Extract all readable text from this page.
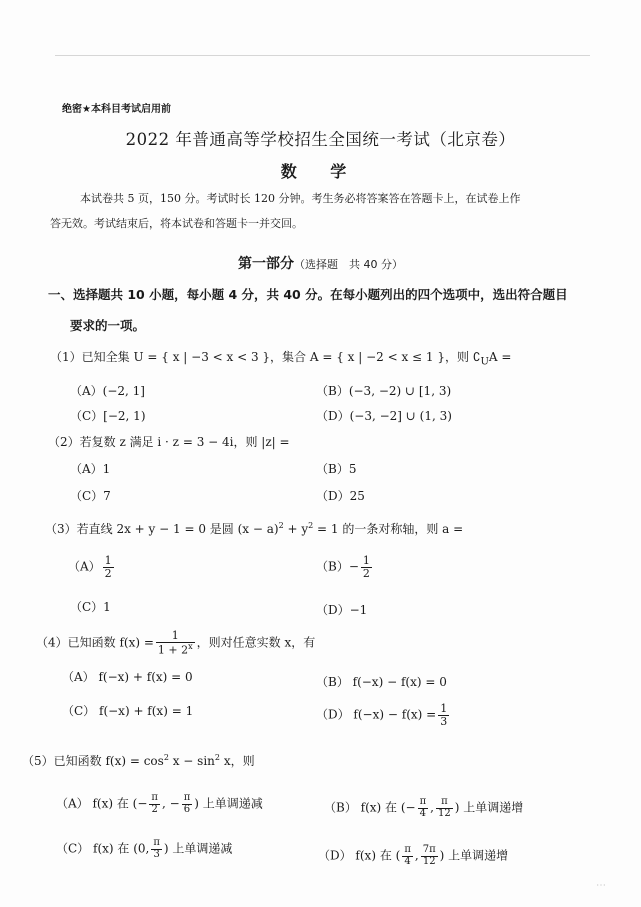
绝密★本科目考试启用前
2022 年普通高等学校招生全国统一考试（北京卷）
数 学
本试卷共 5 页，150 分。考试时长 120 分钟。考生务必将答案答在答题卡上，在试卷上作
答无效。考试结束后，将本试卷和答题卡一并交回。
第一部分（选择题　共 40 分）
一、选择题共 10 小题，每小题 4 分，共 40 分。在每小题列出的四个选项中，选出符合题目
要求的一项。
（1）已知全集 U = { x | −3 < x < 3 }，集合 A = { x | −2 < x ≤ 1 }，则 $∁_UA$ =
（A）(−2, 1]	（B）(−3, −2) ∪ [1, 3)
（C）[−2, 1)	（D）(−3, −2] ∪ (1, 3)
（2）若复数 z 满足 i · z = 3 − 4i，则 |z| =
（A）1	（B）5
（C）7	（D）25
（3）若直线 2x + y − 1 = 0 是圆 $(x - a)^2 + y^2 = 1$ 的一条对称轴，则 a =
$(A) \frac{1}{2}$	$(B)- \frac{1}{2}$
（C）1	（D）−1
（4）已知函数 $f(x) = \frac{1}{1 + 2^x}$ ，则对任意实数 x，有
（A） f(−x) + f(x) = 0	（B） f(−x) − f(x) = 0
（C） f(−x) + f(x) = 1	（D） $f(-x) - f(x) = \frac{1}{3}$
（5）已知函数 $f(x) = \cos^2 x - \sin^2 x$，则
（A） f(x) 在 (− $\frac{\pi}{2}$ , − $\frac{\pi}{6}$ ) 上单调递减	（B） f(x) 在 (− $\frac{\pi}{4}$ , $\frac{\pi}{12}$ ) 上单调递增
（C） f(x) 在 (0, $\frac{\pi}{3}$ ) 上单调递减	（D） f(x) 在 ( $\frac{\pi}{4}$ , $\frac{7\pi}{12}$ ) 上单调递增
⋯
